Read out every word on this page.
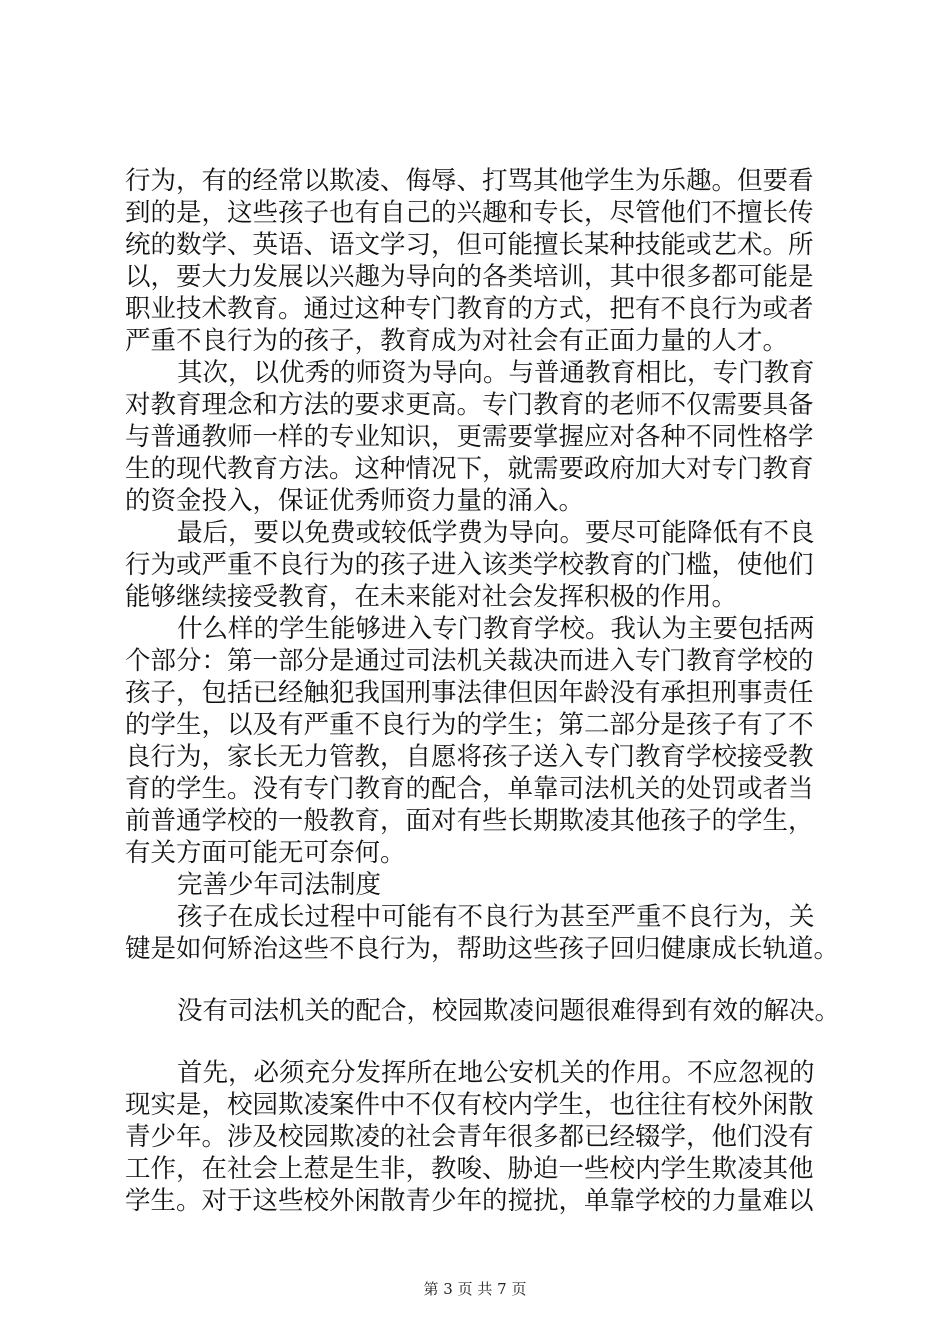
行为，有的经常以欺凌、侮辱、打骂其他学生为乐趣。但要看
到的是，这些孩子也有自己的兴趣和专长，尽管他们不擅长传
统的数学、英语、语文学习，但可能擅长某种技能或艺术。所
以，要大力发展以兴趣为导向的各类培训，其中很多都可能是
职业技术教育。通过这种专门教育的方式，把有不良行为或者
严重不良行为的孩子，教育成为对社会有正面力量的人才。
其次，以优秀的师资为导向。与普通教育相比，专门教育
对教育理念和方法的要求更高。专门教育的老师不仅需要具备
与普通教师一样的专业知识，更需要掌握应对各种不同性格学
生的现代教育方法。这种情况下，就需要政府加大对专门教育
的资金投入，保证优秀师资力量的涌入。
最后，要以免费或较低学费为导向。要尽可能降低有不良
行为或严重不良行为的孩子进入该类学校教育的门槛，使他们
能够继续接受教育，在未来能对社会发挥积极的作用。
什么样的学生能够进入专门教育学校。我认为主要包括两
个部分：第一部分是通过司法机关裁决而进入专门教育学校的
孩子，包括已经触犯我国刑事法律但因年龄没有承担刑事责任
的学生，以及有严重不良行为的学生；第二部分是孩子有了不
良行为，家长无力管教，自愿将孩子送入专门教育学校接受教
育的学生。没有专门教育的配合，单靠司法机关的处罚或者当
前普通学校的一般教育，面对有些长期欺凌其他孩子的学生，
有关方面可能无可奈何。
完善少年司法制度
孩子在成长过程中可能有不良行为甚至严重不良行为，关
键是如何矫治这些不良行为，帮助这些孩子回归健康成长轨道。
没有司法机关的配合，校园欺凌问题很难得到有效的解决。
首先，必须充分发挥所在地公安机关的作用。不应忽视的
现实是，校园欺凌案件中不仅有校内学生，也往往有校外闲散
青少年。涉及校园欺凌的社会青年很多都已经辍学，他们没有
工作，在社会上惹是生非，教唆、胁迫一些校内学生欺凌其他
学生。对于这些校外闲散青少年的搅扰，单靠学校的力量难以
第 3 页 共 7 页
